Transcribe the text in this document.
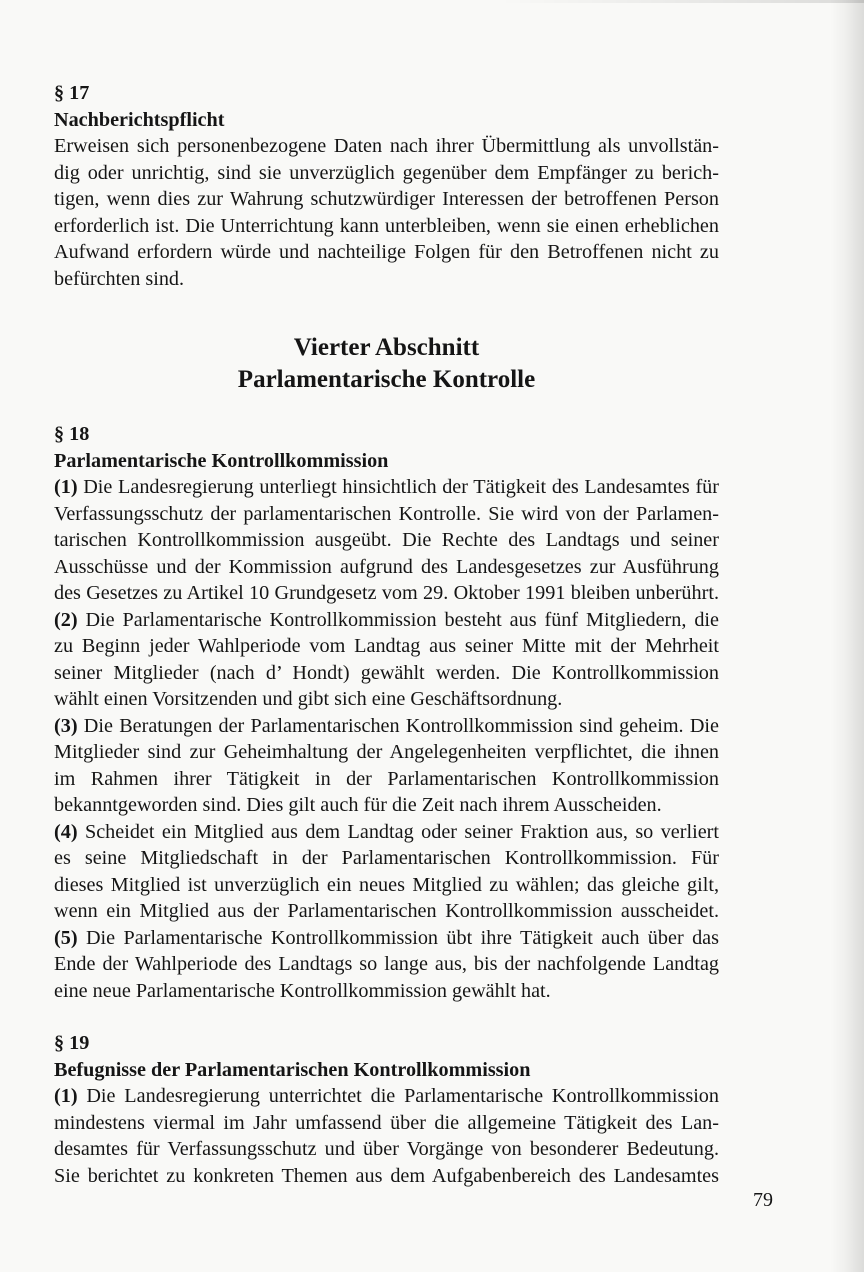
§ 17
Nachberichtspflicht
Erweisen sich personenbezogene Daten nach ihrer Übermittlung als unvollstän-
dig oder unrichtig, sind sie unverzüglich gegenüber dem Empfänger zu berich-
tigen, wenn dies zur Wahrung schutzwürdiger Interessen der betroffenen Person
erforderlich ist. Die Unterrichtung kann unterbleiben, wenn sie einen erheblichen
Aufwand erfordern würde und nachteilige Folgen für den Betroffenen nicht zu
befürchten sind.
Vierter Abschnitt
Parlamentarische Kontrolle
§ 18
Parlamentarische Kontrollkommission
(1) Die Landesregierung unterliegt hinsichtlich der Tätigkeit des Landesamtes für
Verfassungsschutz der parlamentarischen Kontrolle. Sie wird von der Parlamen-
tarischen Kontrollkommission ausgeübt. Die Rechte des Landtags und seiner
Ausschüsse und der Kommission aufgrund des Landesgesetzes zur Ausführung
des Gesetzes zu Artikel 10 Grundgesetz vom 29. Oktober 1991 bleiben unberührt.
(2) Die Parlamentarische Kontrollkommission besteht aus fünf Mitgliedern, die
zu Beginn jeder Wahlperiode vom Landtag aus seiner Mitte mit der Mehrheit
seiner Mitglieder (nach d’ Hondt) gewählt werden. Die Kontrollkommission
wählt einen Vorsitzenden und gibt sich eine Geschäftsordnung.
(3) Die Beratungen der Parlamentarischen Kontrollkommission sind geheim. Die
Mitglieder sind zur Geheimhaltung der Angelegenheiten verpflichtet, die ihnen
im Rahmen ihrer Tätigkeit in der Parlamentarischen Kontrollkommission
bekanntgeworden sind. Dies gilt auch für die Zeit nach ihrem Ausscheiden.
(4) Scheidet ein Mitglied aus dem Landtag oder seiner Fraktion aus, so verliert
es seine Mitgliedschaft in der Parlamentarischen Kontrollkommission. Für
dieses Mitglied ist unverzüglich ein neues Mitglied zu wählen; das gleiche gilt,
wenn ein Mitglied aus der Parlamentarischen Kontrollkommission ausscheidet.
(5) Die Parlamentarische Kontrollkommission übt ihre Tätigkeit auch über das
Ende der Wahlperiode des Landtags so lange aus, bis der nachfolgende Landtag
eine neue Parlamentarische Kontrollkommission gewählt hat.
§ 19
Befugnisse der Parlamentarischen Kontrollkommission
(1) Die Landesregierung unterrichtet die Parlamentarische Kontrollkommission
mindestens viermal im Jahr umfassend über die allgemeine Tätigkeit des Lan-
desamtes für Verfassungsschutz und über Vorgänge von besonderer Bedeutung.
Sie berichtet zu konkreten Themen aus dem Aufgabenbereich des Landesamtes
79
